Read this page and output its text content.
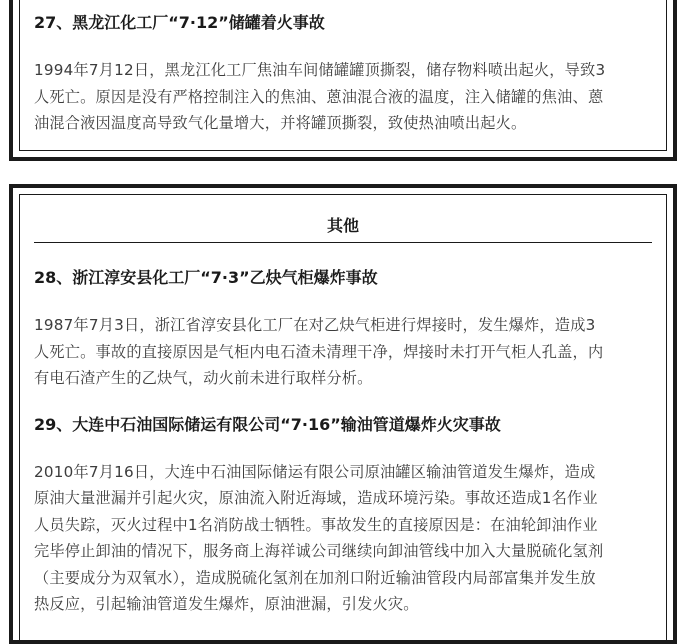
27、黑龙江化工厂“7·12”储罐着火事故

1994年7月12日，黑龙江化工厂焦油车间储罐罐顶撕裂，储存物料喷出起火，导致3
人死亡。原因是没有严格控制注入的焦油、蒽油混合液的温度，注入储罐的焦油、蒽
油混合液因温度高导致气化量增大，并将罐顶撕裂，致使热油喷出起火。

其他
28、浙江淳安县化工厂“7·3”乙炔气柜爆炸事故

1987年7月3日，浙江省淳安县化工厂在对乙炔气柜进行焊接时，发生爆炸，造成3
人死亡。事故的直接原因是气柜内电石渣未清理干净，焊接时未打开气柜人孔盖，内
有电石渣产生的乙炔气，动火前未进行取样分析。

29、大连中石油国际储运有限公司“7·16”输油管道爆炸火灾事故

2010年7月16日，大连中石油国际储运有限公司原油罐区输油管道发生爆炸，造成
原油大量泄漏并引起火灾，原油流入附近海域，造成环境污染。事故还造成1名作业
人员失踪，灭火过程中1名消防战士牺牲。事故发生的直接原因是：在油轮卸油作业
完毕停止卸油的情况下，服务商上海祥诚公司继续向卸油管线中加入大量脱硫化氢剂
（主要成分为双氧水），造成脱硫化氢剂在加剂口附近输油管段内局部富集并发生放
热反应，引起输油管道发生爆炸，原油泄漏，引发火灾。
